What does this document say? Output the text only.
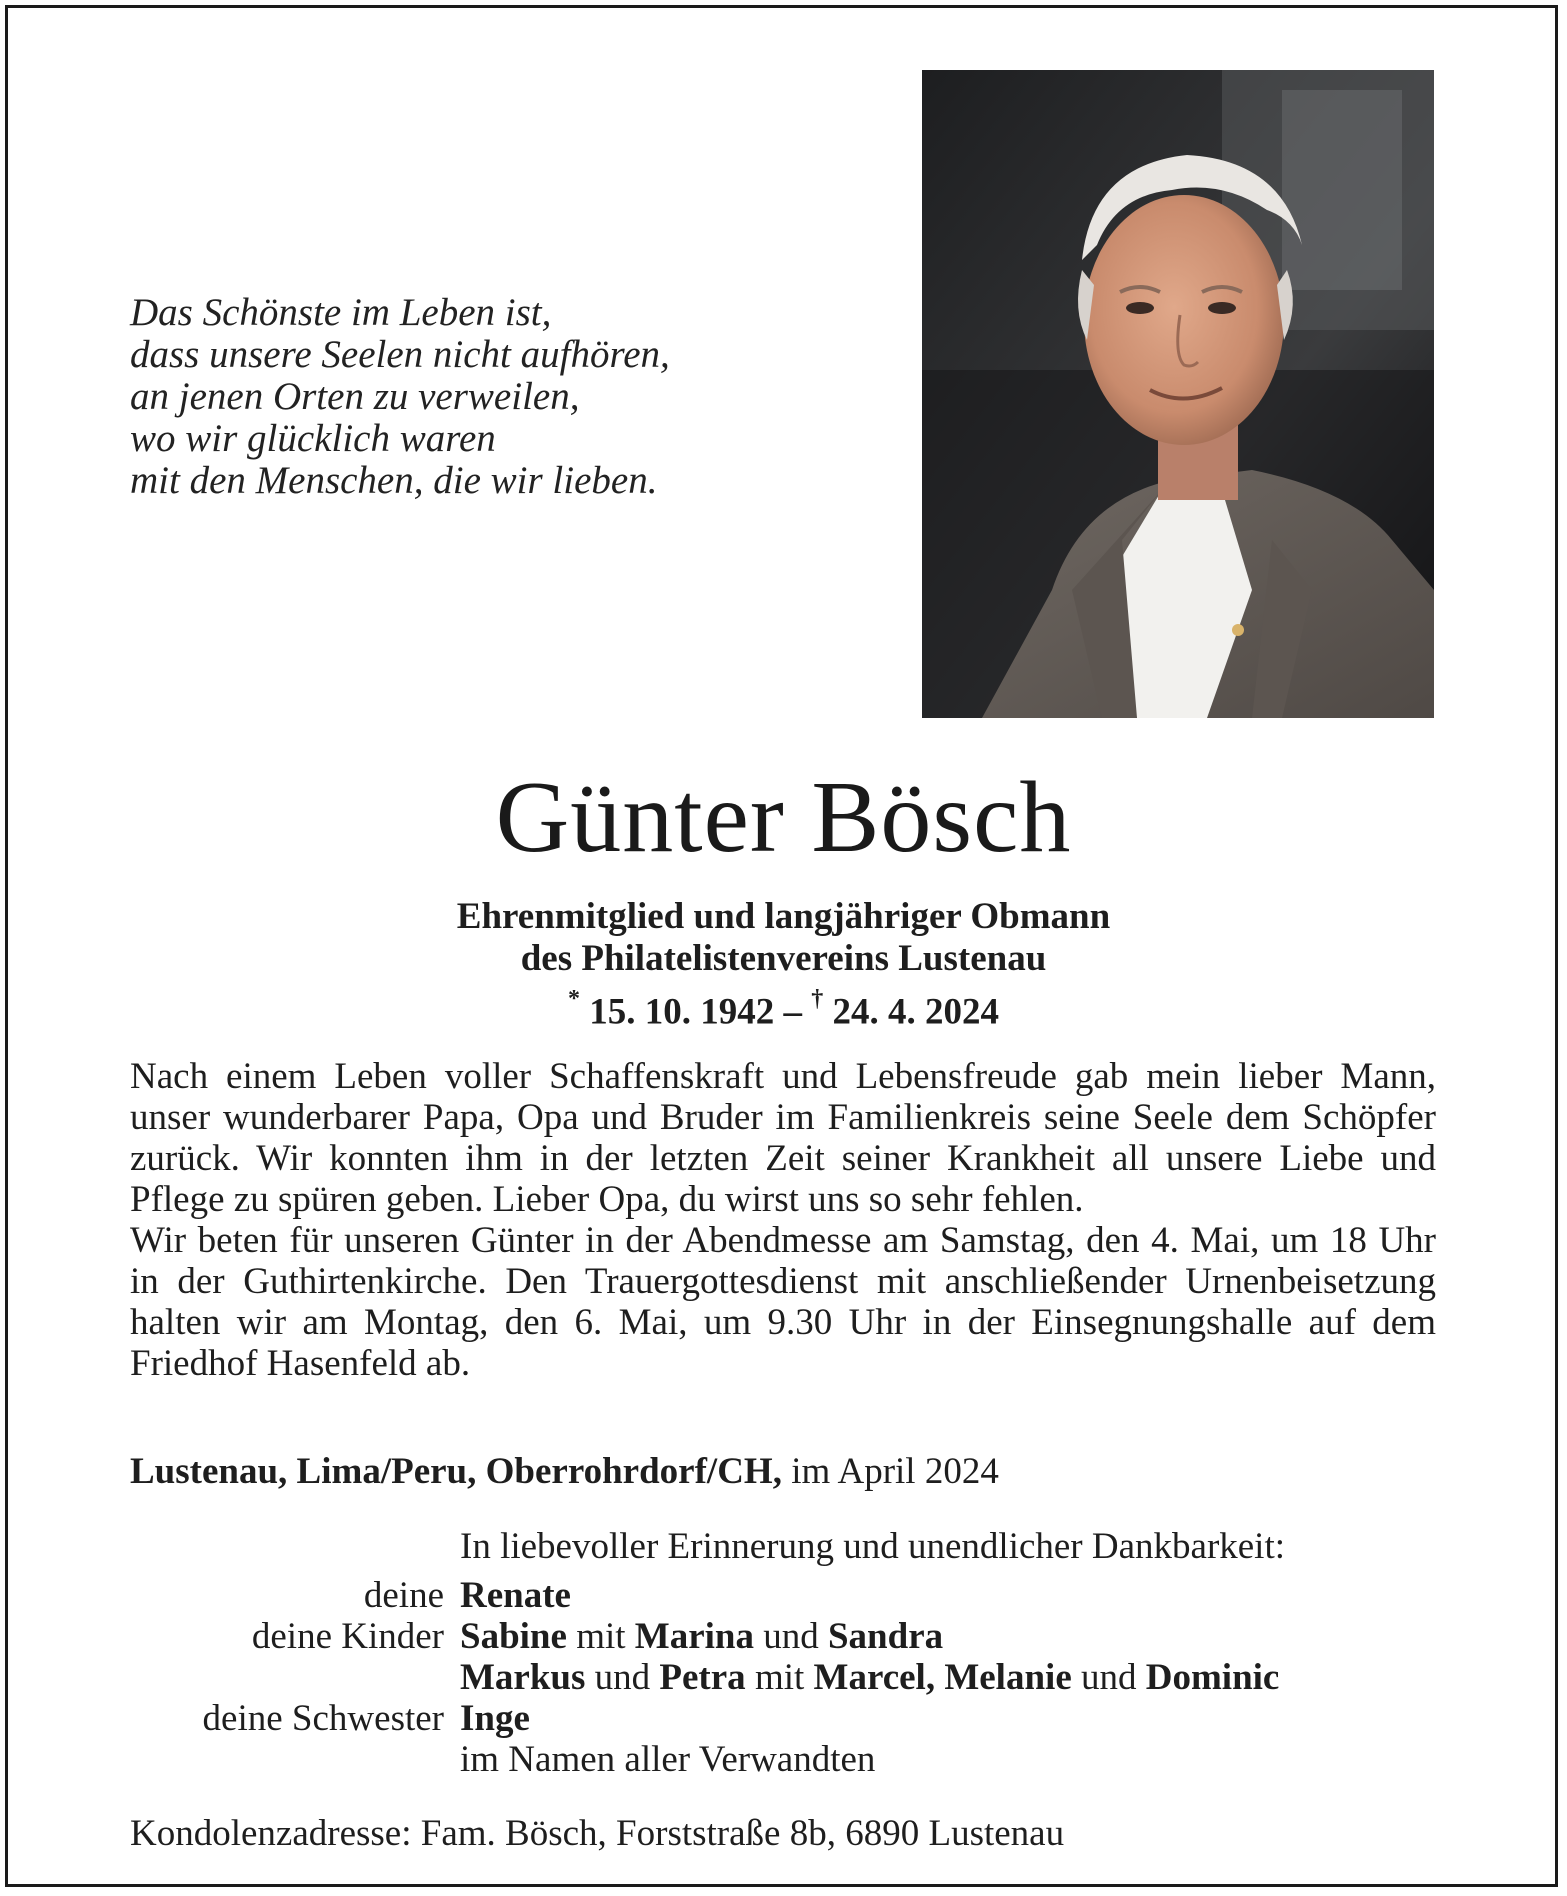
Das Schönste im Leben ist,
dass unsere Seelen nicht aufhören,
an jenen Orten zu verweilen,
wo wir glücklich waren
mit den Menschen, die wir lieben.
Günter Bösch
Ehrenmitglied und langjähriger Obmann
des Philatelistenvereins Lustenau
* 15. 10. 1942 – † 24. 4. 2024

Nach einem Leben voller Schaffenskraft und Lebensfreude gab mein lieber Mann, unser wunderbarer Papa, Opa und Bruder im Familienkreis seine Seele dem Schöpfer zurück. Wir konnten ihm in der letzten Zeit seiner Krankheit all unsere Liebe und Pflege zu spüren geben. Lieber Opa, du wirst uns so sehr fehlen.

Wir beten für unseren Günter in der Abendmesse am Samstag, den 4. Mai, um 18 Uhr in der Guthirtenkirche. Den Trauergottesdienst mit anschließender Urnenbeisetzung halten wir am Montag, den 6. Mai, um 9.30 Uhr in der Einsegnungshalle auf dem Friedhof Hasenfeld ab.

Lustenau, Lima/Peru, Oberrohrdorf/CH, im April 2024
In liebevoller Erinnerung und unendlicher Dankbarkeit:
deine Renate
deine Kinder Sabine mit Marina und Sandra
Markus und Petra mit Marcel, Melanie und Dominic
deine Schwester Inge
im Namen aller Verwandten
Kondolenzadresse: Fam. Bösch, Forststraße 8b, 6890 Lustenau
